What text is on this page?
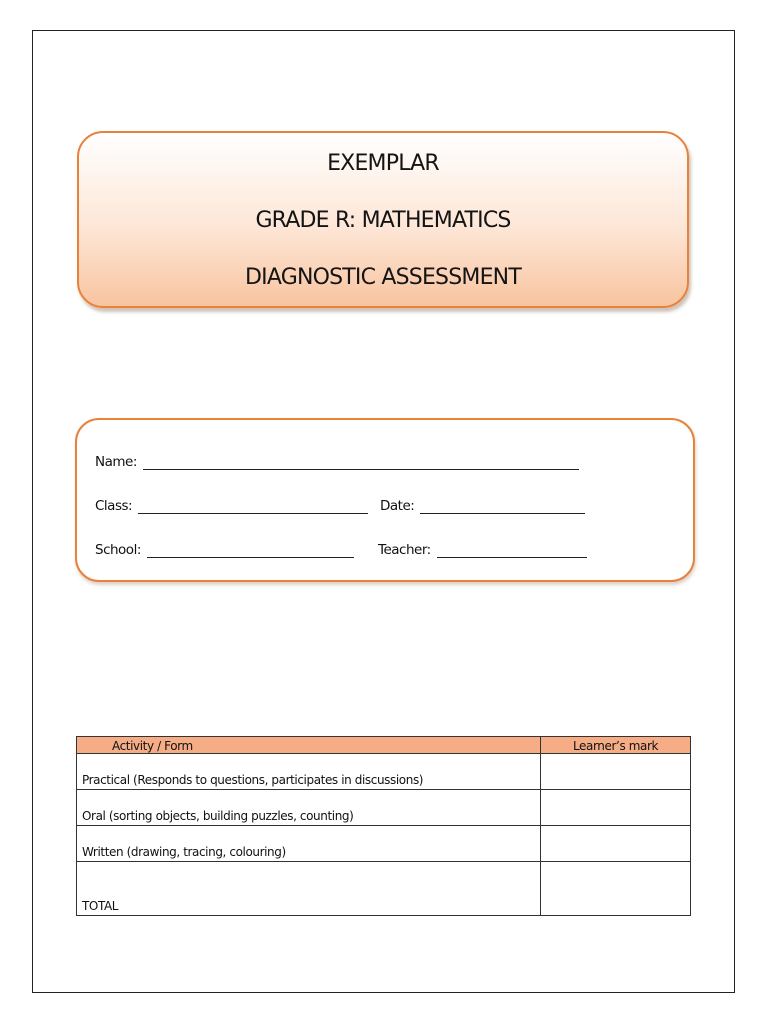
EXEMPLAR
GRADE R: MATHEMATICS
DIAGNOSTIC ASSESSMENT
Name:
Class:	Date:
School:	Teacher:
Activity / Form	Learner’s mark
Practical (Responds to questions, participates in discussions)	
Oral (sorting objects, building puzzles, counting)	
Written (drawing, tracing, colouring)	
TOTAL	
